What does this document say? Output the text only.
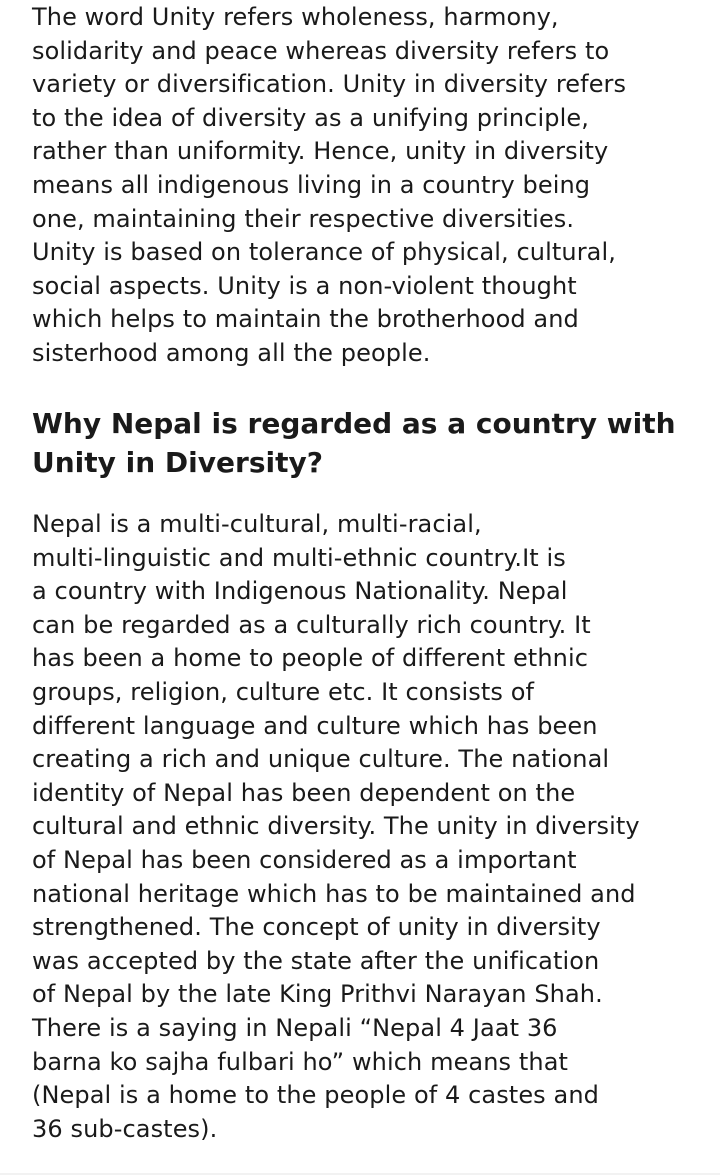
The word Unity refers wholeness, harmony,
solidarity and peace whereas diversity refers to
variety or diversification. Unity in diversity refers
to the idea of diversity as a unifying principle,
rather than uniformity. Hence, unity in diversity
means all indigenous living in a country being
one, maintaining their respective diversities.
Unity is based on tolerance of physical, cultural,
social aspects. Unity is a non-violent thought
which helps to maintain the brotherhood and
sisterhood among all the people.

Why Nepal is regarded as a country with
Unity in Diversity?

Nepal is a multi-cultural, multi-racial,
multi-linguistic and multi-ethnic country.It is
a country with Indigenous Nationality. Nepal
can be regarded as a culturally rich country. It
has been a home to people of different ethnic
groups, religion, culture etc. It consists of
different language and culture which has been
creating a rich and unique culture. The national
identity of Nepal has been dependent on the
cultural and ethnic diversity. The unity in diversity
of Nepal has been considered as a important
national heritage which has to be maintained and
strengthened. The concept of unity in diversity
was accepted by the state after the unification
of Nepal by the late King Prithvi Narayan Shah.
There is a saying in Nepali “Nepal 4 Jaat 36
barna ko sajha fulbari ho” which means that
(Nepal is a home to the people of 4 castes and
36 sub-castes).
